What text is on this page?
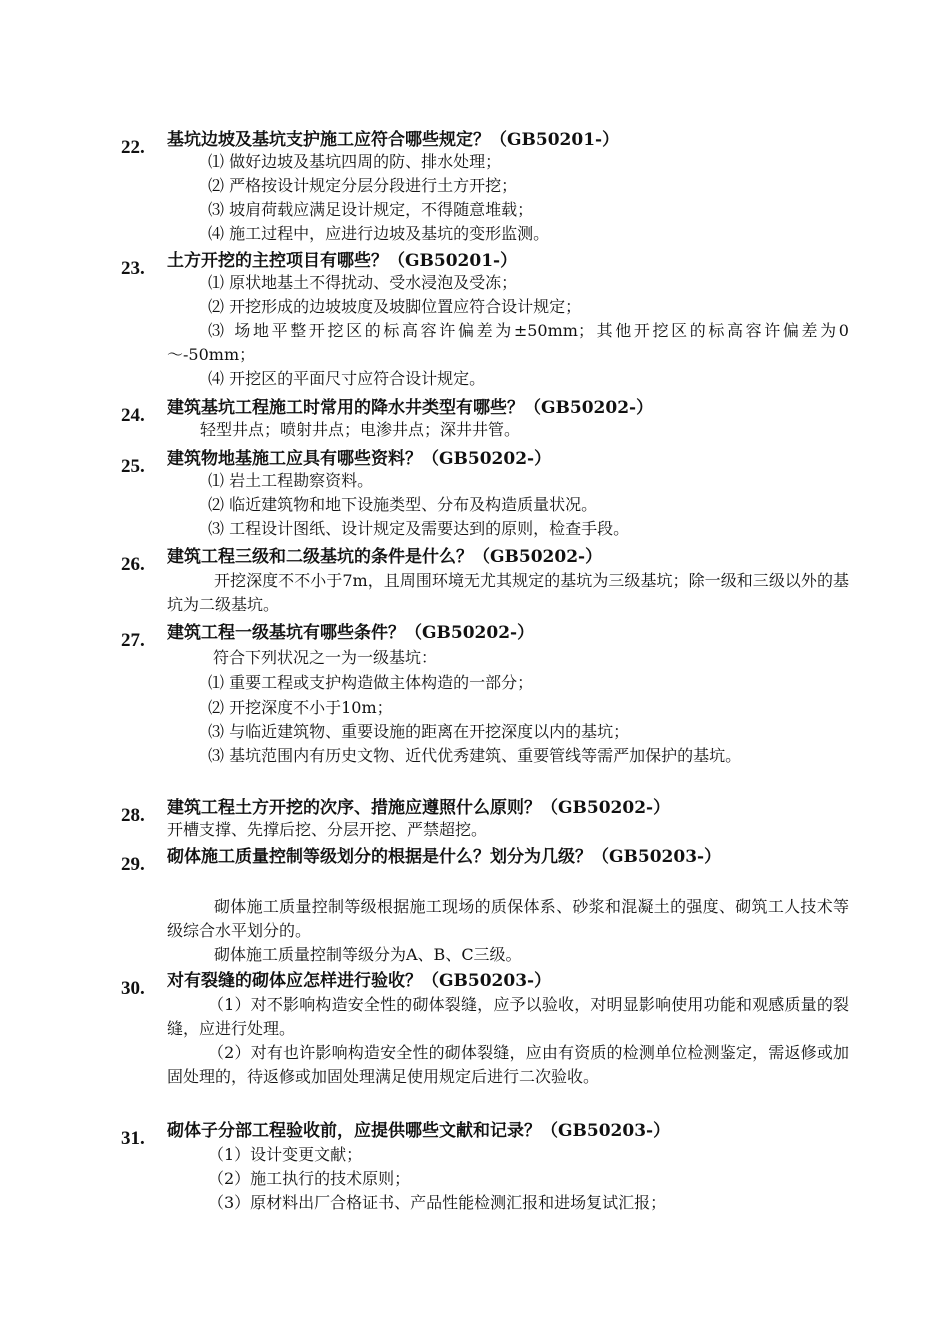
22. 基坑边坡及基坑支护施工应符合哪些规定？（GB50201-）
⑴ 做好边坡及基坑四周的防、排水处理；
⑵ 严格按设计规定分层分段进行土方开挖；
⑶ 坡肩荷载应满足设计规定，不得随意堆载；
⑷ 施工过程中，应进行边坡及基坑的变形监测。
23. 土方开挖的主控项目有哪些？（GB50201-）
⑴ 原状地基土不得扰动、受水浸泡及受冻；
⑵ 开挖形成的边坡坡度及坡脚位置应符合设计规定；
⑶ 场地平整开挖区的标高容许偏差为±50mm；其他开挖区的标高容许偏差为0～-50mm；
⑷ 开挖区的平面尺寸应符合设计规定。
24. 建筑基坑工程施工时常用的降水井类型有哪些？（GB50202-）
轻型井点；喷射井点；电渗井点；深井井管。
25. 建筑物地基施工应具有哪些资料？（GB50202-）
⑴ 岩土工程勘察资料。
⑵ 临近建筑物和地下设施类型、分布及构造质量状况。
⑶ 工程设计图纸、设计规定及需要达到的原则，检查手段。
26. 建筑工程三级和二级基坑的条件是什么？（GB50202-）
开挖深度不不小于7m，且周围环境无尤其规定的基坑为三级基坑；除一级和三级以外的基坑为二级基坑。
27. 建筑工程一级基坑有哪些条件？（GB50202-）
符合下列状况之一为一级基坑：
⑴ 重要工程或支护构造做主体构造的一部分；
⑵ 开挖深度不小于10m；
⑶ 与临近建筑物、重要设施的距离在开挖深度以内的基坑；
⑶ 基坑范围内有历史文物、近代优秀建筑、重要管线等需严加保护的基坑。
28. 建筑工程土方开挖的次序、措施应遵照什么原则？（GB50202-）
开槽支撑、先撑后挖、分层开挖、严禁超挖。
29. 砌体施工质量控制等级划分的根据是什么？划分为几级？（GB50203-）
砌体施工质量控制等级根据施工现场的质保体系、砂浆和混凝土的强度、砌筑工人技术等级综合水平划分的。
砌体施工质量控制等级分为A、B、C三级。
30. 对有裂缝的砌体应怎样进行验收？（GB50203-）
（1）对不影响构造安全性的砌体裂缝，应予以验收，对明显影响使用功能和观感质量的裂缝，应进行处理。
（2）对有也许影响构造安全性的砌体裂缝，应由有资质的检测单位检测鉴定，需返修或加固处理的，待返修或加固处理满足使用规定后进行二次验收。
31. 砌体子分部工程验收前，应提供哪些文献和记录？（GB50203-）
（1）设计变更文献；
（2）施工执行的技术原则；
（3）原材料出厂合格证书、产品性能检测汇报和进场复试汇报；
